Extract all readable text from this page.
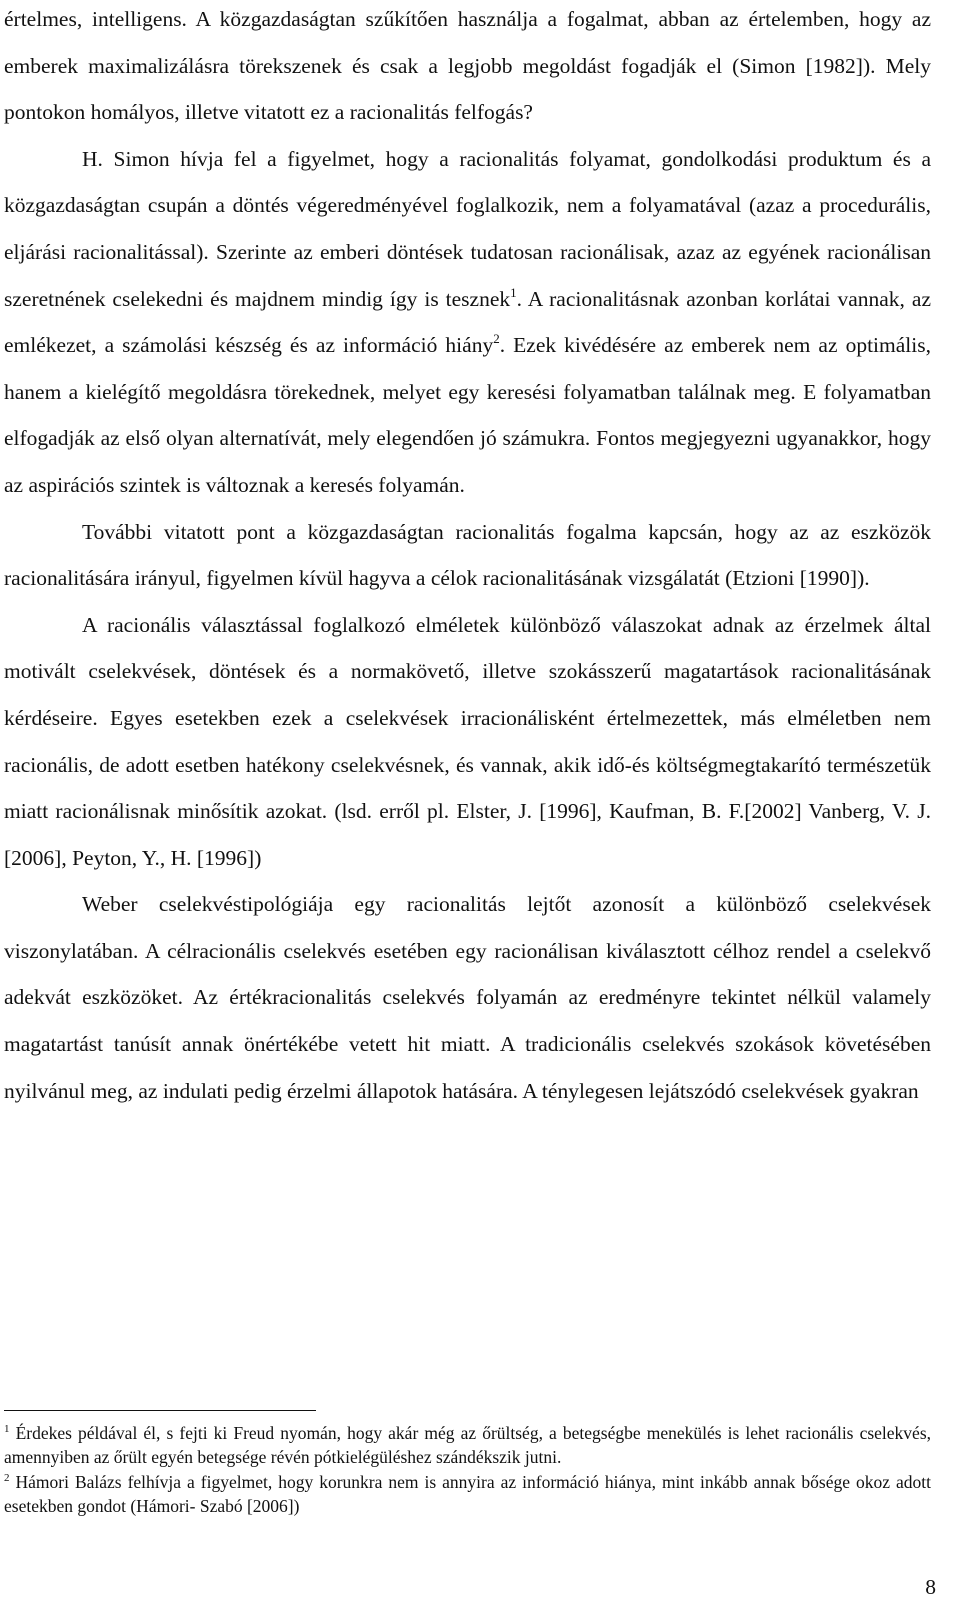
értelmes, intelligens. A közgazdaságtan szűkítően használja a fogalmat, abban az értelemben, hogy az emberek maximalizálásra törekszenek és csak a legjobb megoldást fogadják el (Simon [1982]). Mely pontokon homályos, illetve vitatott ez a racionalitás felfogás?

H. Simon hívja fel a figyelmet, hogy a racionalitás folyamat, gondolkodási produktum és a közgazdaságtan csupán a döntés végeredményével foglalkozik, nem a folyamatával (azaz a procedurális, eljárási racionalitással). Szerinte az emberi döntések tudatosan racionálisak, azaz az egyének racionálisan szeretnének cselekedni és majdnem mindig így is tesznek$^1$. A racionalitásnak azonban korlátai vannak, az emlékezet, a számolási készség és az információ hiány$^2$. Ezek kivédésére az emberek nem az optimális, hanem a kielégítő megoldásra törekednek, melyet egy keresési folyamatban találnak meg. E folyamatban elfogadják az első olyan alternatívát, mely elegendően jó számukra. Fontos megjegyezni ugyanakkor, hogy az aspirációs szintek is változnak a keresés folyamán.

További vitatott pont a közgazdaságtan racionalitás fogalma kapcsán, hogy az az eszközök racionalitására irányul, figyelmen kívül hagyva a célok racionalitásának vizsgálatát (Etzioni [1990]).

A racionális választással foglalkozó elméletek különböző válaszokat adnak az érzelmek által motivált cselekvések, döntések és a normakövető, illetve szokásszerű magatartások racionalitásának kérdéseire. Egyes esetekben ezek a cselekvések irracionálisként értelmezettek, más elméletben nem racionális, de adott esetben hatékony cselekvésnek, és vannak, akik idő-és költségmegtakarító természetük miatt racionálisnak minősítik azokat. (lsd. erről pl. Elster, J. [1996], Kaufman, B. F.[2002] Vanberg, V. J.[2006], Peyton, Y., H. [1996])

Weber cselekvéstipológiája egy racionalitás lejtőt azonosít a különböző cselekvések viszonylatában. A célracionális cselekvés esetében egy racionálisan kiválasztott célhoz rendel a cselekvő adekvát eszközöket. Az értékracionalitás cselekvés folyamán az eredményre tekintet nélkül valamely magatartást tanúsít annak önértékébe vetett hit miatt. A tradicionális cselekvés szokások követésében nyilvánul meg, az indulati pedig érzelmi állapotok hatására. A ténylegesen lejátszódó cselekvések gyakran

$^1$ Érdekes példával él, s fejti ki Freud nyomán, hogy akár még az őrültség, a betegségbe menekülés is lehet racionális cselekvés, amennyiben az őrült egyén betegsége révén pótkielégüléshez szándékszik jutni.

$^2$ Hámori Balázs felhívja a figyelmet, hogy korunkra nem is annyira az információ hiánya, mint inkább annak bősége okoz adott esetekben gondot (Hámori- Szabó [2006])

8
